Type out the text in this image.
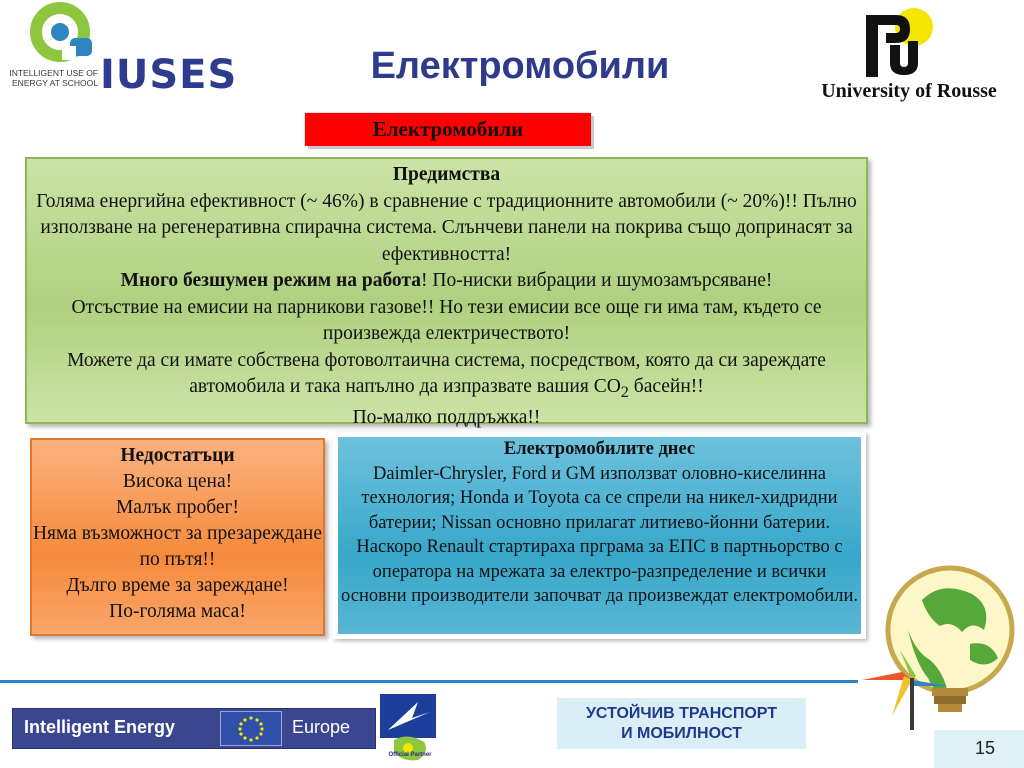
INTELLIGENT USE OF ENERGY AT SCHOOL IUSES	Електромобили
University of Rousse
Електромобили
Предимства
Голяма енергийна ефективност (~ 46%) в сравнение с традиционните автомобили (~ 20%)!! Пълно използване на регенеративна спирачна система. Слънчеви панели на покрива също допринасят за ефективността!
Много безшумен режим на работа! По-ниски вибрации и шумозамърсяване!
Отсъствие на емисии на парникови газове!! Но тези емисии все още ги има там, където се произвежда електричеството!
Можете да си имате собствена фотоволтаична система, посредством, която да си зареждате автомобила и така напълно да изпразвате вашия $CO_2$ басейн!!
По-малко поддръжка!!
Недостатъци
Висока цена!
Малък пробег!
Няма възможност за презареждане по пътя!!
Дълго време за зареждане!
По-голяма маса!
Електромобилите днес
Daimler-Chrysler, Ford и GM използват оловно-киселинна технология; Honda и Toyota са се спрели на никел-хидридни батерии; Nissan основно прилагат литиево-йонни батерии. Наскоро Renault стартираха прграма за ЕПС в партньорство с оператора на мрежата за електро-разпределение и всички основни производители започват да произвеждат електромобили.
Intelligent Energy	Europe
Official Partner
УСТОЙЧИВ ТРАНСПОРТ
И МОБИЛНОСТ
15
